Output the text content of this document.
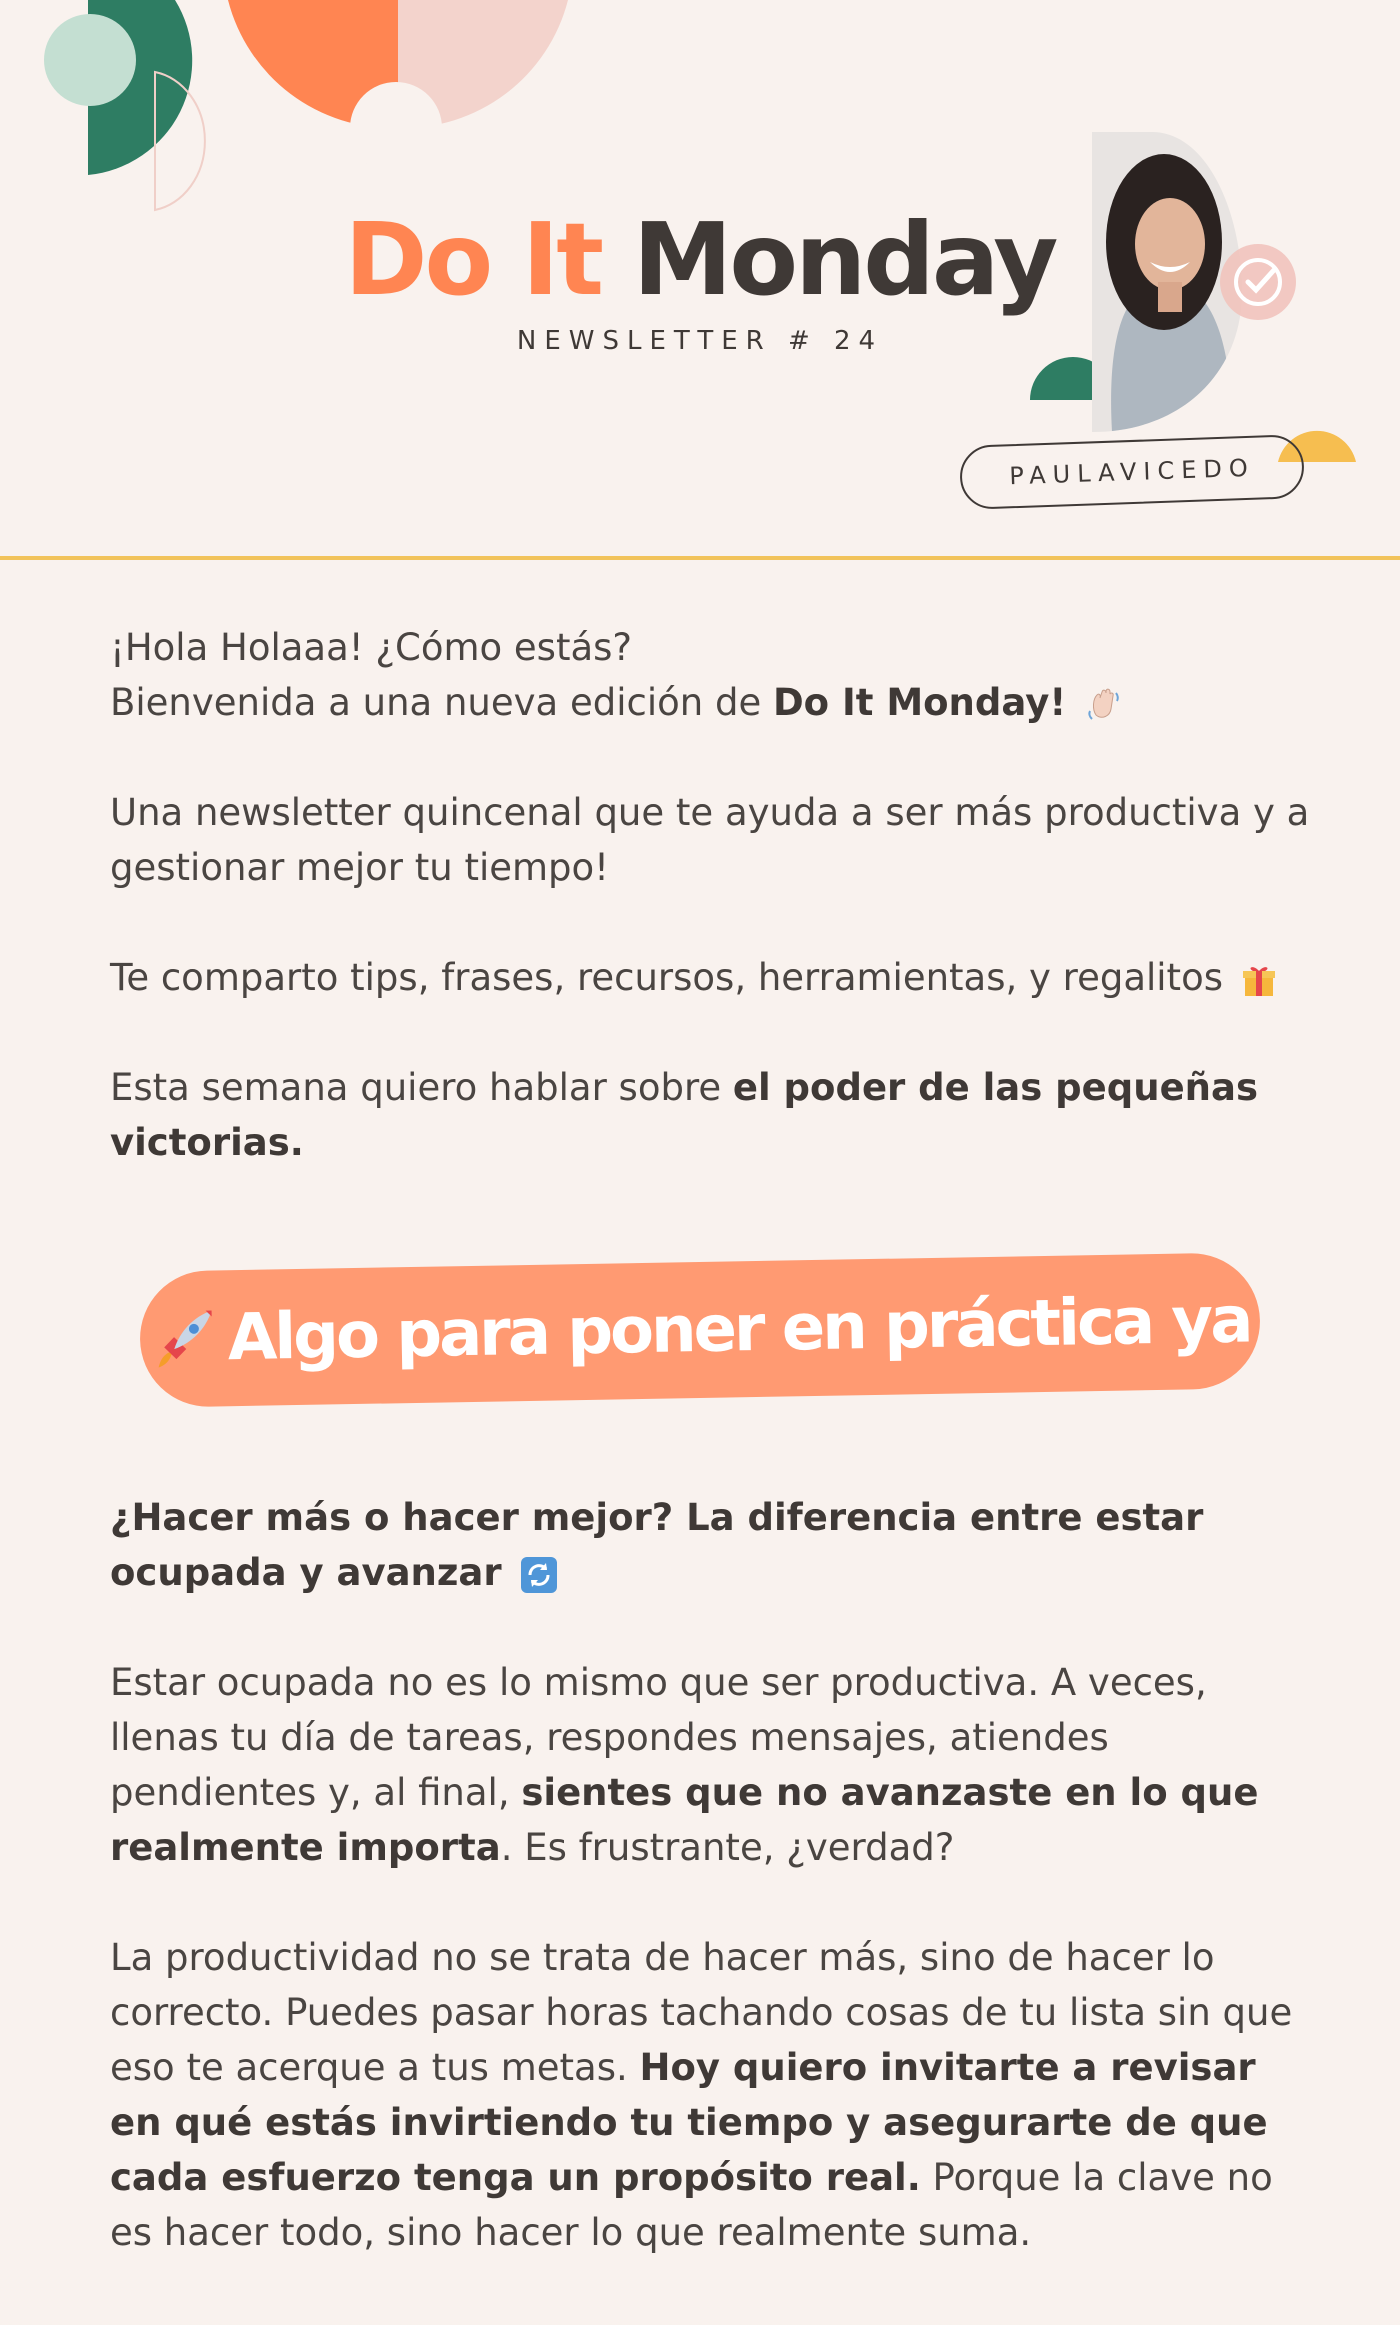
Do It Monday
NEWSLETTER # 24
PAULAVICEDO

¡Hola Holaaa! ¿Cómo estás?
Bienvenida a una nueva edición de Do It Monday!

Una newsletter quincenal que te ayuda a ser más productiva y a gestionar mejor tu tiempo!

Te comparto tips, frases, recursos, herramientas, y regalitos

Esta semana quiero hablar sobre el poder de las pequeñas victorias.

Algo para poner en práctica ya

¿Hacer más o hacer mejor? La diferencia entre estar ocupada y avanzar

Estar ocupada no es lo mismo que ser productiva. A veces, llenas tu día de tareas, respondes mensajes, atiendes pendientes y, al final, sientes que no avanzaste en lo que realmente importa. Es frustrante, ¿verdad?

La productividad no se trata de hacer más, sino de hacer lo correcto. Puedes pasar horas tachando cosas de tu lista sin que eso te acerque a tus metas. Hoy quiero invitarte a revisar en qué estás invirtiendo tu tiempo y asegurarte de que cada esfuerzo tenga un propósito real. Porque la clave no es hacer todo, sino hacer lo que realmente suma.
